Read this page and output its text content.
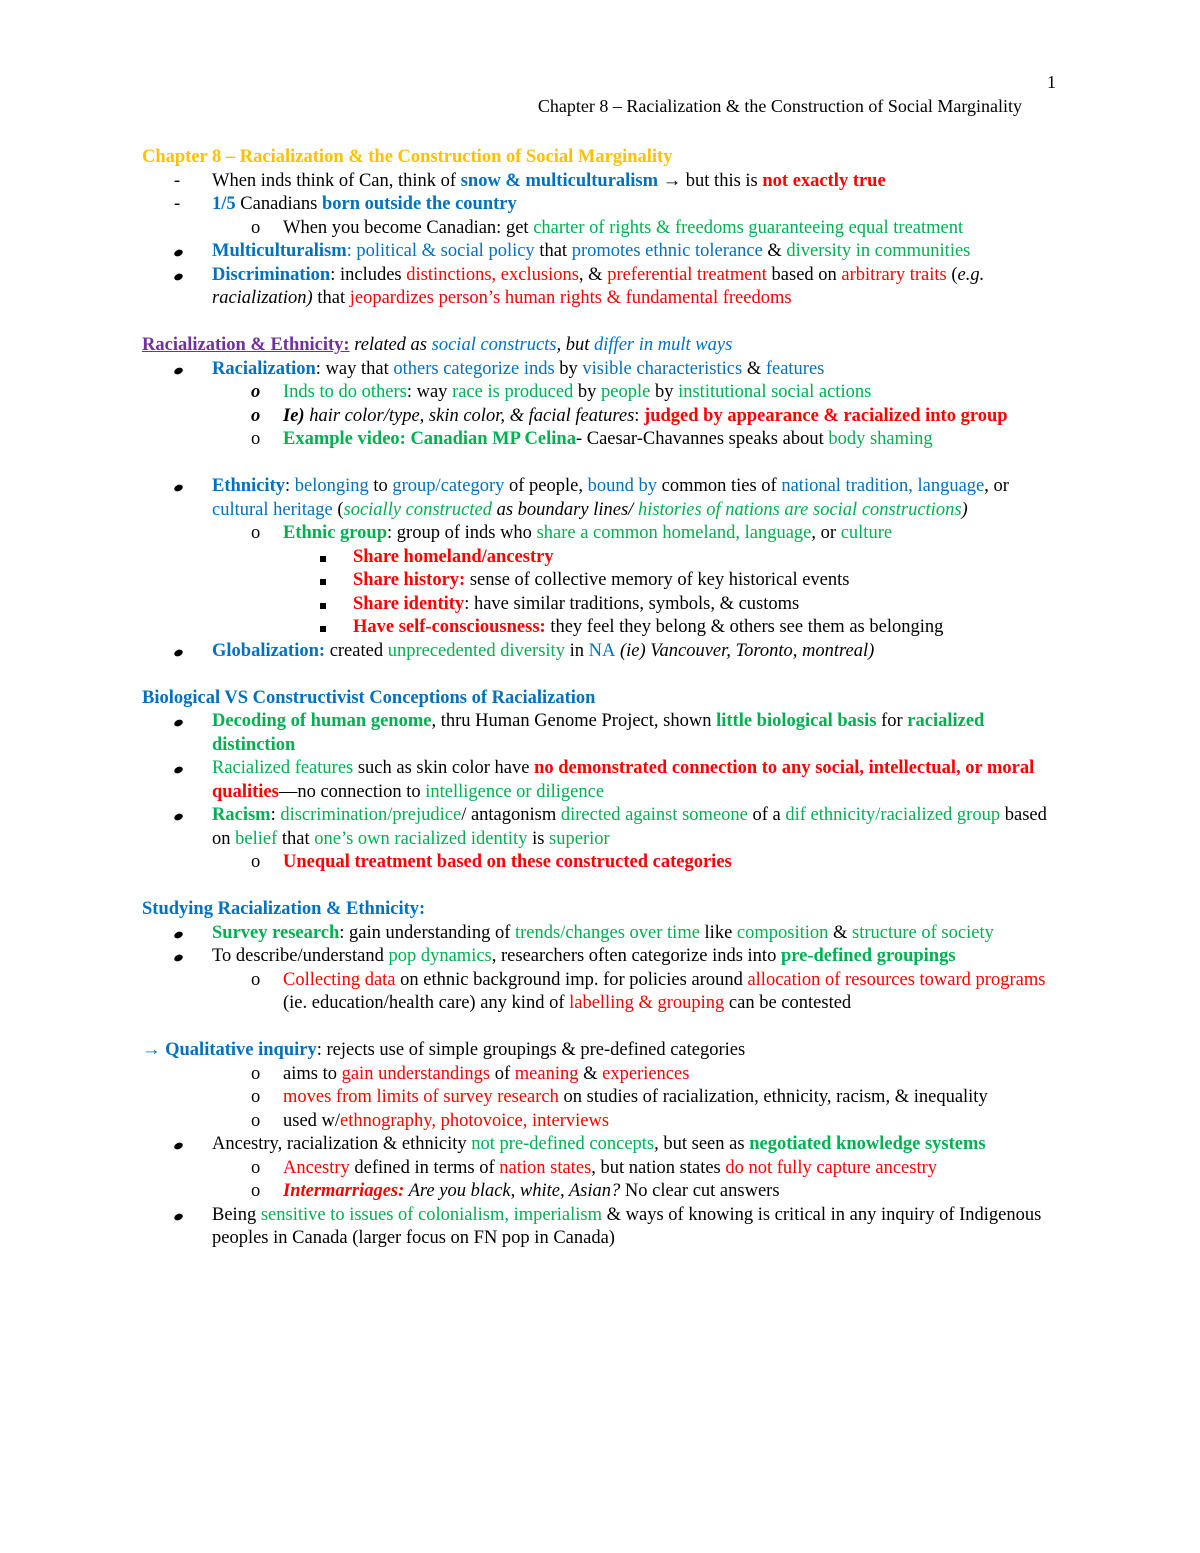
1
Chapter 8 – Racialization & the Construction of Social Marginality
Chapter 8 – Racialization & the Construction of Social Marginality
- When inds think of Can, think of snow & multiculturalism → but this is not exactly true
- 1/5 Canadians born outside the country
o When you become Canadian: get charter of rights & freedoms guaranteeing equal treatment
Multiculturalism: political & social policy that promotes ethnic tolerance & diversity in communities
Discrimination: includes distinctions, exclusions, & preferential treatment based on arbitrary traits (e.g. racialization) that jeopardizes person’s human rights & fundamental freedoms
Racialization & Ethnicity: related as social constructs, but differ in mult ways
Racialization: way that others categorize inds by visible characteristics & features
o Inds to do others: way race is produced by people by institutional social actions
o Ie) hair color/type, skin color, & facial features: judged by appearance & racialized into group
o Example video: Canadian MP Celina- Caesar-Chavannes speaks about body shaming
Ethnicity: belonging to group/category of people, bound by common ties of national tradition, language, or cultural heritage (socially constructed as boundary lines/ histories of nations are social constructions)
o Ethnic group: group of inds who share a common homeland, language, or culture
Share homeland/ancestry
Share history: sense of collective memory of key historical events
Share identity: have similar traditions, symbols, & customs
Have self-consciousness: they feel they belong & others see them as belonging
Globalization: created unprecedented diversity in NA (ie) Vancouver, Toronto, montreal)
Biological VS Constructivist Conceptions of Racialization
Decoding of human genome, thru Human Genome Project, shown little biological basis for racialized distinction
Racialized features such as skin color have no demonstrated connection to any social, intellectual, or moral qualities—no connection to intelligence or diligence
Racism: discrimination/prejudice/ antagonism directed against someone of a dif ethnicity/racialized group based on belief that one’s own racialized identity is superior
o Unequal treatment based on these constructed categories
Studying Racialization & Ethnicity:
Survey research: gain understanding of trends/changes over time like composition & structure of society
To describe/understand pop dynamics, researchers often categorize inds into pre-defined groupings
o Collecting data on ethnic background imp. for policies around allocation of resources toward programs (ie. education/health care) any kind of labelling & grouping can be contested
→ Qualitative inquiry: rejects use of simple groupings & pre-defined categories
o aims to gain understandings of meaning & experiences
o moves from limits of survey research on studies of racialization, ethnicity, racism, & inequality
o used w/ethnography, photovoice, interviews
Ancestry, racialization & ethnicity not pre-defined concepts, but seen as negotiated knowledge systems
o Ancestry defined in terms of nation states, but nation states do not fully capture ancestry
o Intermarriages: Are you black, white, Asian? No clear cut answers
Being sensitive to issues of colonialism, imperialism & ways of knowing is critical in any inquiry of Indigenous peoples in Canada (larger focus on FN pop in Canada)
